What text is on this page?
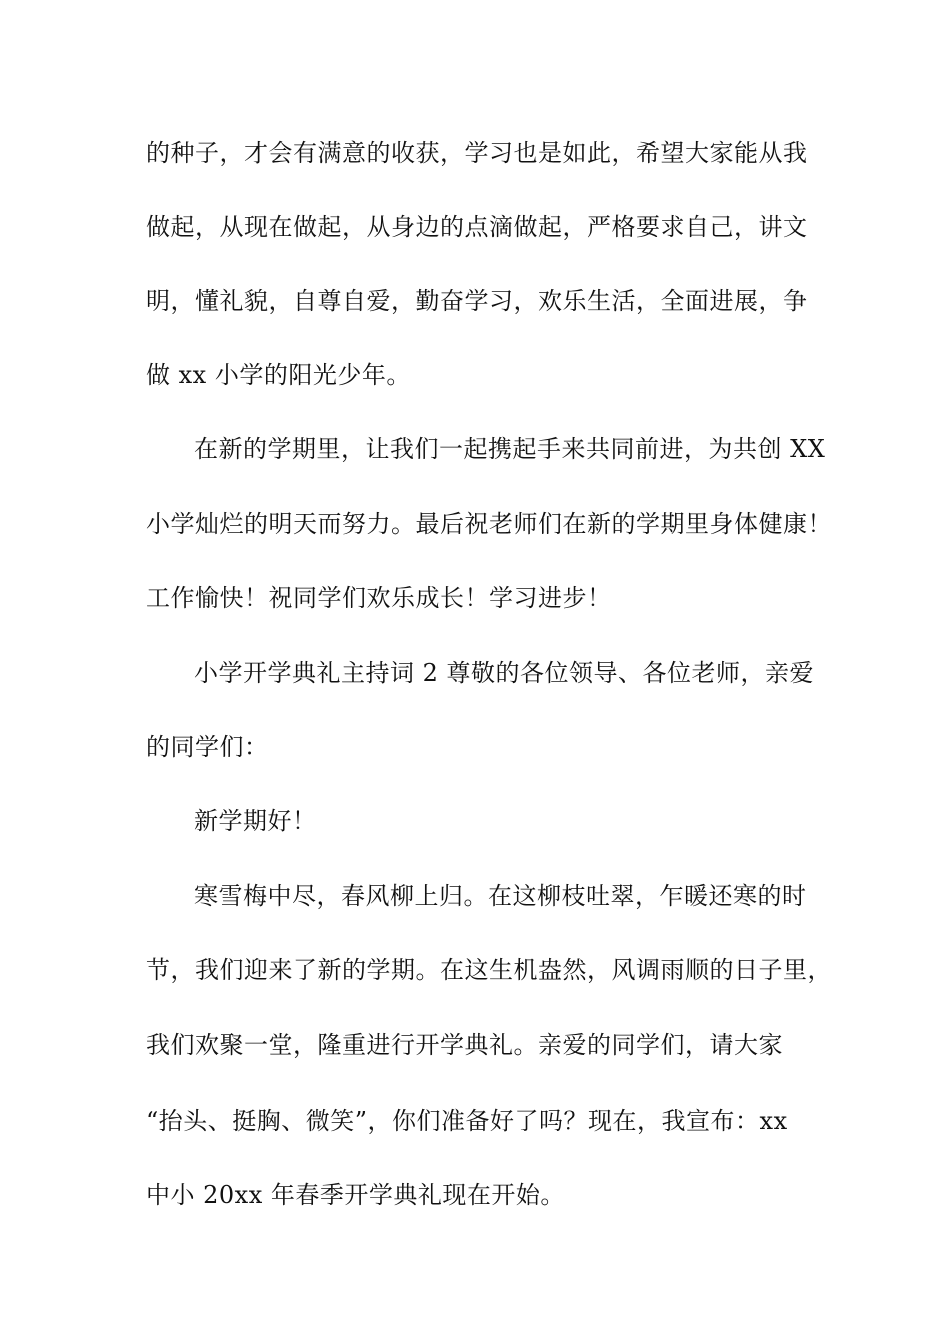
的种子，才会有满意的收获，学习也是如此，希望大家能从我
做起，从现在做起，从身边的点滴做起，严格要求自己，讲文
明，懂礼貌，自尊自爱，勤奋学习，欢乐生活，全面进展，争
做 xx 小学的阳光少年。
在新的学期里，让我们一起携起手来共同前进，为共创 XX
小学灿烂的明天而努力。最后祝老师们在新的学期里身体健康！
工作愉快！祝同学们欢乐成长！学习进步！
小学开学典礼主持词 2 尊敬的各位领导、各位老师，亲爱
的同学们：
新学期好！
寒雪梅中尽，春风柳上归。在这柳枝吐翠，乍暖还寒的时
节，我们迎来了新的学期。在这生机盎然，风调雨顺的日子里，
我们欢聚一堂，隆重进行开学典礼。亲爱的同学们，请大家
“抬头、挺胸、微笑”，你们准备好了吗？现在，我宣布：xx
中小 20xx 年春季开学典礼现在开始。
